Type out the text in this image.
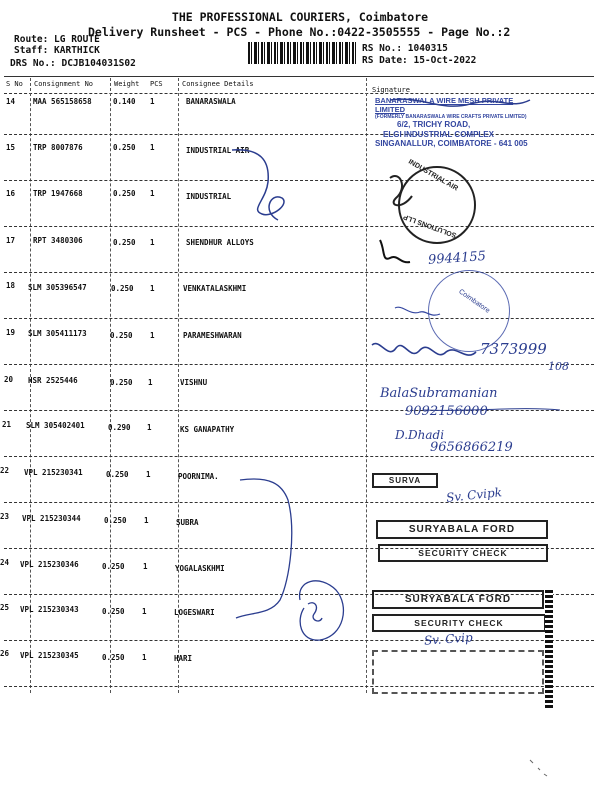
THE PROFESSIONAL COURIERS, Coimbatore
Delivery Runsheet - PCS - Phone No.:0422-3505555 - Page No.:2
Route: LG ROUTE
Staff: KARTHICK
DRS No.: DCJB104031S02
RS No.: 1040315
RS Date: 15-Oct-2022
S No Consignment No	Weight PCS	Consignee Details
Signature
14 MAA 565158658	0.140 1	BANARASWALA
15 TRP 8007876	0.250 1	INDUSTRIAL AIR
16 TRP 1947668	0.250 1	INDUSTRIAL
17 RPT 3480306	0.250 1	SHENDHUR ALLOYS
18 SLM 305396547	0.250 1	VENKATALASKHMI
19 SLM 305411173	0.250 1	PARAMESHWARAN
20 HSR 2525446	0.250 1	VISHNU
21 SLM 305402401	0.290 1	KS GANAPATHY
22 VPL 215230341	0.250 1	POORNIMA.
23 VPL 215230344	0.250 1	SUBRA
24 VPL 215230346	0.250 1	YOGALASKHMI
25 VPL 215230343	0.250 1	LOGESWARI
26 VPL 215230345	0.250 1	HARI
BANARASWALA WIRE MESH PRIVATE LIMITED
(FORMERLY BANARASWALA WIRE CRAFTS PRIVATE LIMITED)
6/2, TRICHY ROAD,
ELGI INDUSTRIAL COMPLEX
SINGANALLUR, COIMBATORE - 641 005
INDUSTRIAL AIR
SOLUTIONS LLP
Coimbatore
SURVA
SURYABALA FORD
SECURITY CHECK
SURYABALA FORD
SECURITY CHECK
9944155
7373999
108
BalaSubramanian
9092156000
D.Dhadi
9656866219
Sv. Cvipk
Sv. Cvip
